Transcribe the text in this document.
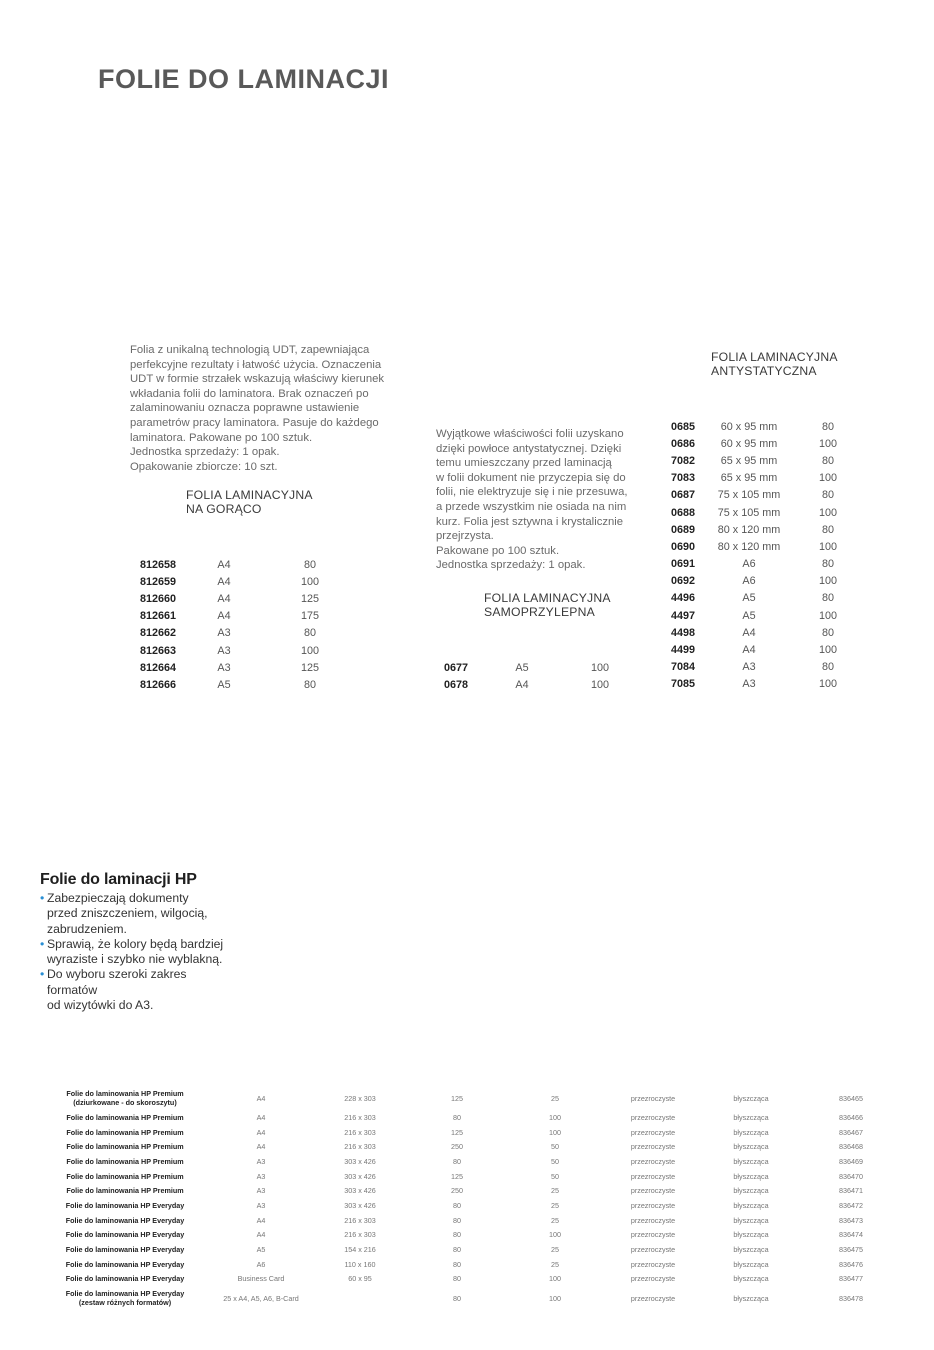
FOLIE DO LAMINACJI
Folia z unikalną technologią UDT, zapewniająca
perfekcyjne rezultaty i łatwość użycia. Oznaczenia
UDT w formie strzałek wskazują właściwy kierunek
wkładania folii do laminatora. Brak oznaczeń po
zalaminowaniu oznacza poprawne ustawienie
parametrów pracy laminatora. Pasuje do każdego
laminatora. Pakowane po 100 sztuk.
Jednostka sprzedaży: 1 opak.
Opakowanie zbiorcze: 10 szt.
FOLIA LAMINACYJNA
NA GORĄCO
812658	A4	80
812659	A4	100
812660	A4	125
812661	A4	175
812662	A3	80
812663	A3	100
812664	A3	125
812666	A5	80
Wyjątkowe właściwości folii uzyskano
dzięki powłoce antystatycznej. Dzięki
temu umieszczany przed laminacją
w folii dokument nie przyczepia się do
folii, nie elektryzuje się i nie przesuwa,
a przede wszystkim nie osiada na nim
kurz. Folia jest sztywna i krystalicznie
przejrzysta.
Pakowane po 100 sztuk.
Jednostka sprzedaży: 1 opak.
FOLIA LAMINACYJNA
SAMOPRZYLEPNA
0677	A5	100
0678	A4	100
FOLIA LAMINACYJNA
ANTYSTATYCZNA
0685	60 x 95 mm	80
0686	60 x 95 mm	100
7082	65 x 95 mm	80
7083	65 x 95 mm	100
0687	75 x 105 mm	80
0688	75 x 105 mm	100
0689	80 x 120 mm	80
0690	80 x 120 mm	100
0691	A6	80
0692	A6	100
4496	A5	80
4497	A5	100
4498	A4	80
4499	A4	100
7084	A3	80
7085	A3	100
Folie do laminacji HP
• Zabezpieczają dokumenty
przed zniszczeniem, wilgocią,
zabrudzeniem.
• Sprawią, że kolory będą bardziej
wyraziste i szybko nie wyblakną.
• Do wyboru szeroki zakres formatów
od wizytówki do A3.
Folie do laminowania HP Premium
(dziurkowane - do skoroszytu)	A4	228 x 303	125	25	przezroczyste	błyszcząca	836465
Folie do laminowania HP Premium	A4	216 x 303	80	100	przezroczyste	błyszcząca	836466
Folie do laminowania HP Premium	A4	216 x 303	125	100	przezroczyste	błyszcząca	836467
Folie do laminowania HP Premium	A4	216 x 303	250	50	przezroczyste	błyszcząca	836468
Folie do laminowania HP Premium	A3	303 x 426	80	50	przezroczyste	błyszcząca	836469
Folie do laminowania HP Premium	A3	303 x 426	125	50	przezroczyste	błyszcząca	836470
Folie do laminowania HP Premium	A3	303 x 426	250	25	przezroczyste	błyszcząca	836471
Folie do laminowania HP Everyday	A3	303 x 426	80	25	przezroczyste	błyszcząca	836472
Folie do laminowania HP Everyday	A4	216 x 303	80	25	przezroczyste	błyszcząca	836473
Folie do laminowania HP Everyday	A4	216 x 303	80	100	przezroczyste	błyszcząca	836474
Folie do laminowania HP Everyday	A5	154 x 216	80	25	przezroczyste	błyszcząca	836475
Folie do laminowania HP Everyday	A6	110 x 160	80	25	przezroczyste	błyszcząca	836476
Folie do laminowania HP Everyday	Business Card	60 x 95	80	100	przezroczyste	błyszcząca	836477
Folie do laminowania HP Everyday
(zestaw różnych formatów)	25 x A4, A5, A6, B-Card		80	100	przezroczyste	błyszcząca	836478
